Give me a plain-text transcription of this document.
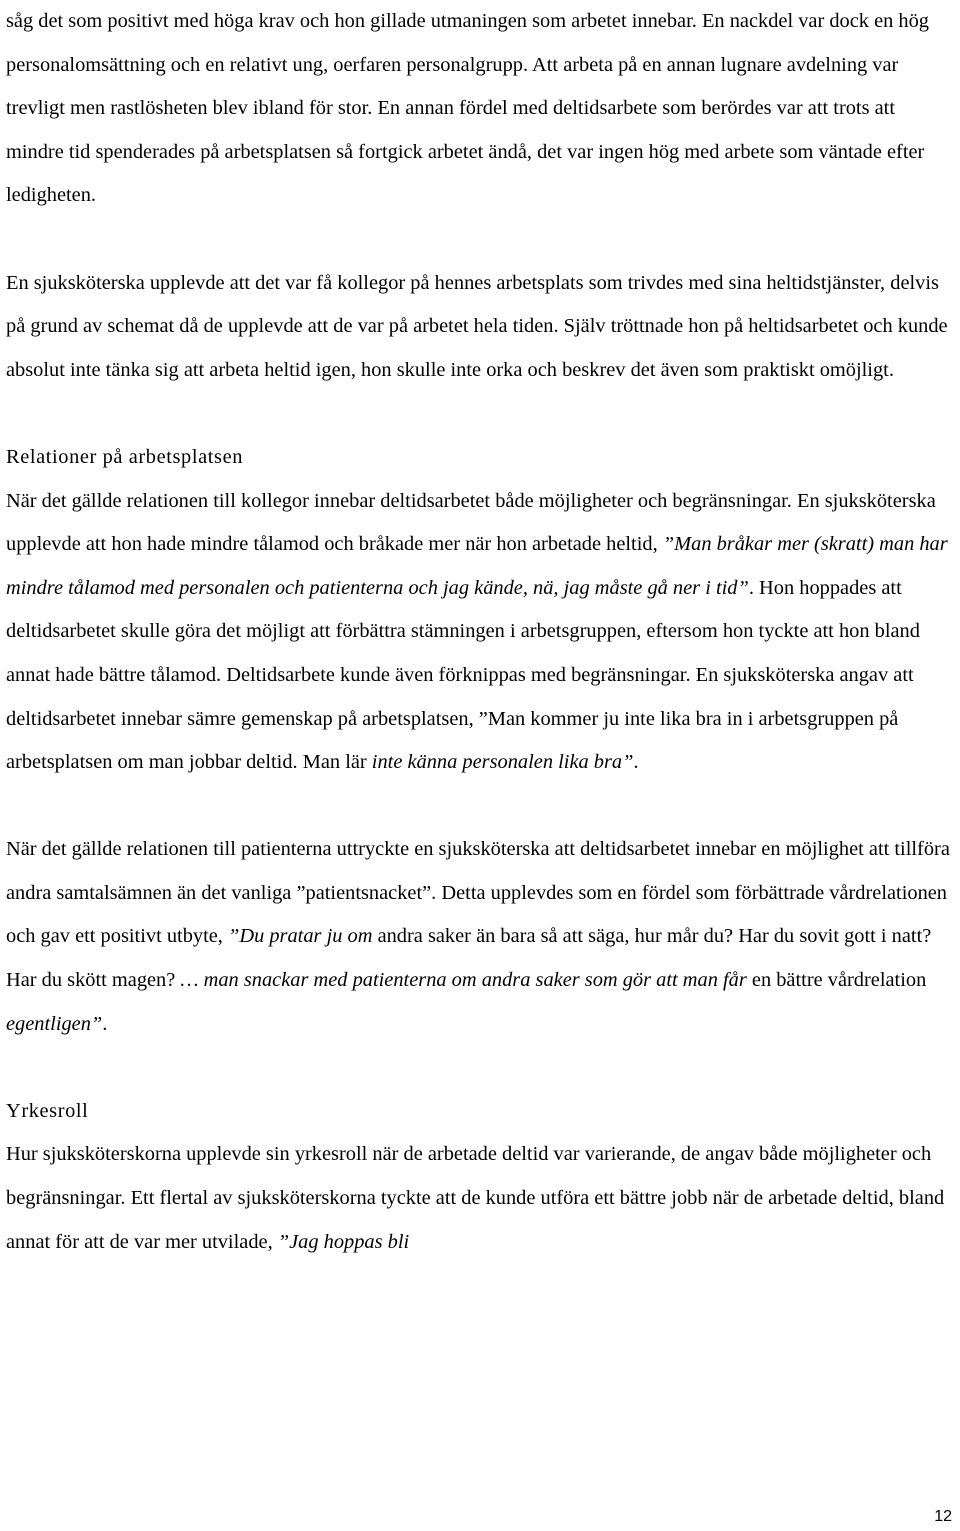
såg det som positivt med höga krav och hon gillade utmaningen som arbetet innebar. En nackdel var dock en hög personalomsättning och en relativt ung, oerfaren personalgrupp. Att arbeta på en annan lugnare avdelning var trevligt men rastlösheten blev ibland för stor. En annan fördel med deltidsarbete som berördes var att trots att mindre tid spenderades på arbetsplatsen så fortgick arbetet ändå, det var ingen hög med arbete som väntade efter ledigheten.

En sjuksköterska upplevde att det var få kollegor på hennes arbetsplats som trivdes med sina heltidstjänster, delvis på grund av schemat då de upplevde att de var på arbetet hela tiden. Själv tröttnade hon på heltidsarbetet och kunde absolut inte tänka sig att arbeta heltid igen, hon skulle inte orka och beskrev det även som praktiskt omöjligt.

Relationer på arbetsplatsen

När det gällde relationen till kollegor innebar deltidsarbetet både möjligheter och begränsningar. En sjuksköterska upplevde att hon hade mindre tålamod och bråkade mer när hon arbetade heltid, ”Man bråkar mer (skratt) man har mindre tålamod med personalen och patienterna och jag kände, nä, jag måste gå ner i tid”. Hon hoppades att deltidsarbetet skulle göra det möjligt att förbättra stämningen i arbetsgruppen, eftersom hon tyckte att hon bland annat hade bättre tålamod. Deltidsarbete kunde även förknippas med begränsningar. En sjuksköterska angav att deltidsarbetet innebar sämre gemenskap på arbetsplatsen, ”Man kommer ju inte lika bra in i arbetsgruppen på arbetsplatsen om man jobbar deltid. Man lär inte känna personalen lika bra”.

När det gällde relationen till patienterna uttryckte en sjuksköterska att deltidsarbetet innebar en möjlighet att tillföra andra samtalsämnen än det vanliga ”patientsnacket”. Detta upplevdes som en fördel som förbättrade vårdrelationen och gav ett positivt utbyte, ”Du pratar ju om andra saker än bara så att säga, hur mår du? Har du sovit gott i natt? Har du skött magen? … man snackar med patienterna om andra saker som gör att man får en bättre vårdrelation egentligen”.

Yrkesroll

Hur sjuksköterskorna upplevde sin yrkesroll när de arbetade deltid var varierande, de angav både möjligheter och begränsningar. Ett flertal av sjuksköterskorna tyckte att de kunde utföra ett bättre jobb när de arbetade deltid, bland annat för att de var mer utvilade, ”Jag hoppas bli

12
